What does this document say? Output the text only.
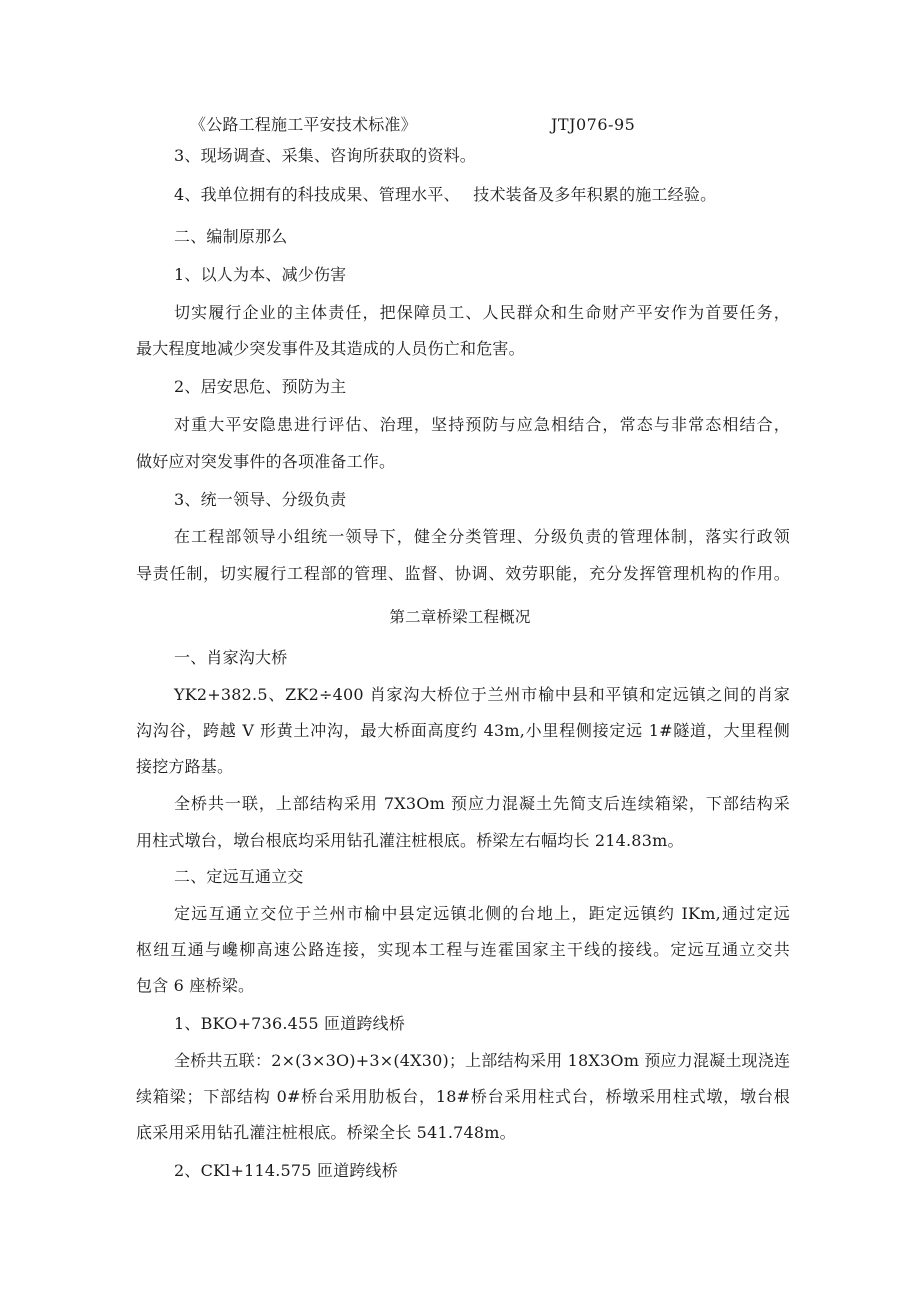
《公路工程施工平安技术标准》	JTJ076-95

3、现场调查、采集、咨询所获取的资料。

4、我单位拥有的科技成果、管理水平、　 技术装备及多年积累的施工经验。

二、编制原那么

1、以人为本、减少伤害

切实履行企业的主体责任，把保障员工、人民群众和生命财产平安作为首要任务，

最大程度地减少突发事件及其造成的人员伤亡和危害。

2、居安思危、预防为主

对重大平安隐患进行评估、治理，坚持预防与应急相结合，常态与非常态相结合，

做好应对突发事件的各项准备工作。

3、统一领导、分级负责

在工程部领导小组统一领导下，健全分类管理、分级负责的管理体制，落实行政领

导责任制，切实履行工程部的管理、监督、协调、效劳职能，充分发挥管理机构的作用。

第二章桥梁工程概况

一、肖家沟大桥

YK2+382.5、ZK2÷400 肖家沟大桥位于兰州市榆中县和平镇和定远镇之间的肖家

沟沟谷，跨越 V 形黄土冲沟，最大桥面高度约 43m,小里程侧接定远 1#隧道，大里程侧

接挖方路基。

全桥共一联，上部结构采用 7X3Om 预应力混凝土先简支后连续箱梁，下部结构采

用柱式墩台，墩台根底均采用钻孔灌注桩根底。桥梁左右幅均长 214.83m。

二、定远互通立交

定远互通立交位于兰州市榆中县定远镇北侧的台地上，距定远镇约 IKm,通过定远

枢纽互通与巉柳高速公路连接，实现本工程与连霍国家主干线的接线。定远互通立交共

包含 6 座桥梁。

1、BKO+736.455 匝道跨线桥

全桥共五联：2×(3×3O)+3×(4X30)；上部结构采用 18X3Om 预应力混凝土现浇连

续箱梁；下部结构 0#桥台采用肋板台，18#桥台采用柱式台，桥墩采用柱式墩，墩台根

底采用采用钻孔灌注桩根底。桥梁全长 541.748m。

2、CKl+114.575 匝道跨线桥
